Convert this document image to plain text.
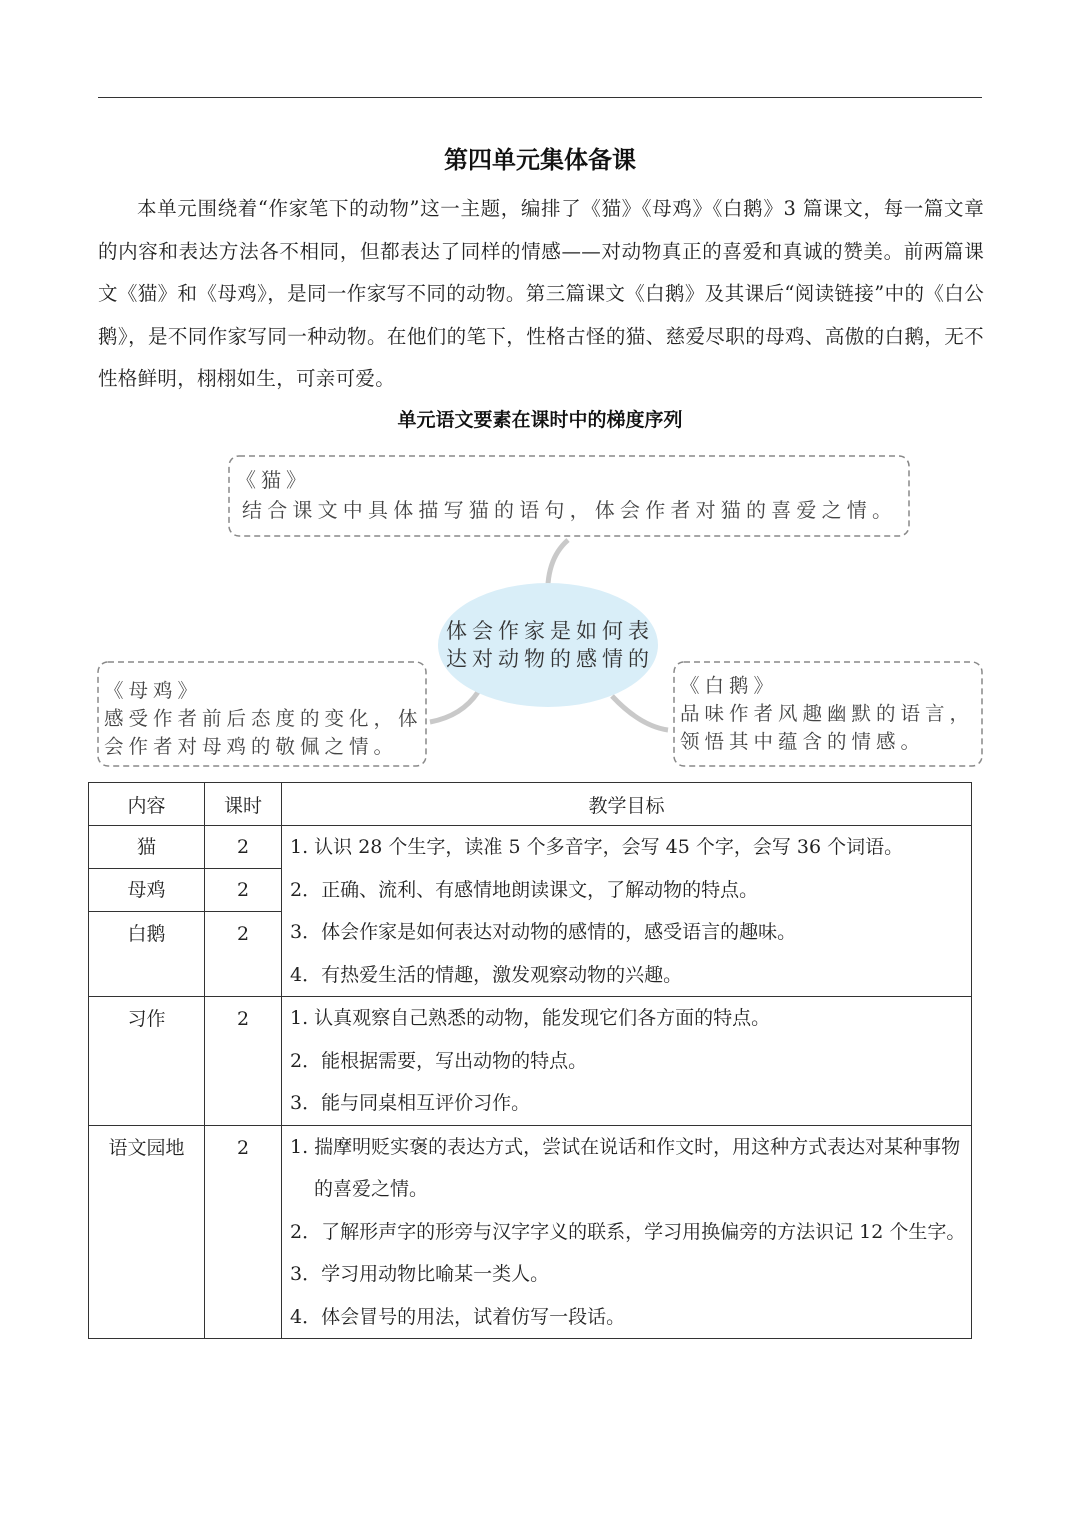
第四单元集体备课

本单元围绕着“作家笔下的动物”这一主题，编排了《猫》《母鸡》《白鹅》3 篇课文，每一篇文章的内容和表达方法各不相同，但都表达了同样的情感——对动物真正的喜爱和真诚的赞美。前两篇课文《猫》和《母鸡》，是同一作家写不同的动物。第三篇课文《白鹅》及其课后“阅读链接”中的《白公鹅》，是不同作家写同一种动物。在他们的笔下，性格古怪的猫、慈爱尽职的母鸡、高傲的白鹅，无不性格鲜明，栩栩如生，可亲可爱。

单元语文要素在课时中的梯度序列
《猫》
结合课文中具体描写猫的语句，体会作者对猫的喜爱之情。
体会作家是如何表达对动物的感情的
《母鸡》
感受作者前后态度的变化，体
会作者对母鸡的敬佩之情。
《白鹅》
品味作者风趣幽默的语言，
领悟其中蕴含的情感。
内容	课时	教学目标
猫	2	1. 认识 28 个生字，读准 5 个多音字，会写 45 个字，会写 36 个词语。
2．正确、流利、有感情地朗读课文，了解动物的特点。
3．体会作家是如何表达对动物的感情的，感受语言的趣味。
4．有热爱生活的情趣，激发观察动物的兴趣。

母鸡	2	
白鹅	2	
习作	2	1. 认真观察自己熟悉的动物，能发现它们各方面的特点。
2．能根据需要，写出动物的特点。
3．能与同桌相互评价习作。

语文园地	2	1. 揣摩明贬实褒的表达方式，尝试在说话和作文时，用这种方式表达对某种事物的喜爱之情。
2．了解形声字的形旁与汉字字义的联系，学习用换偏旁的方法识记 12 个生字。
3．学习用动物比喻某一类人。
4．体会冒号的用法，试着仿写一段话。
